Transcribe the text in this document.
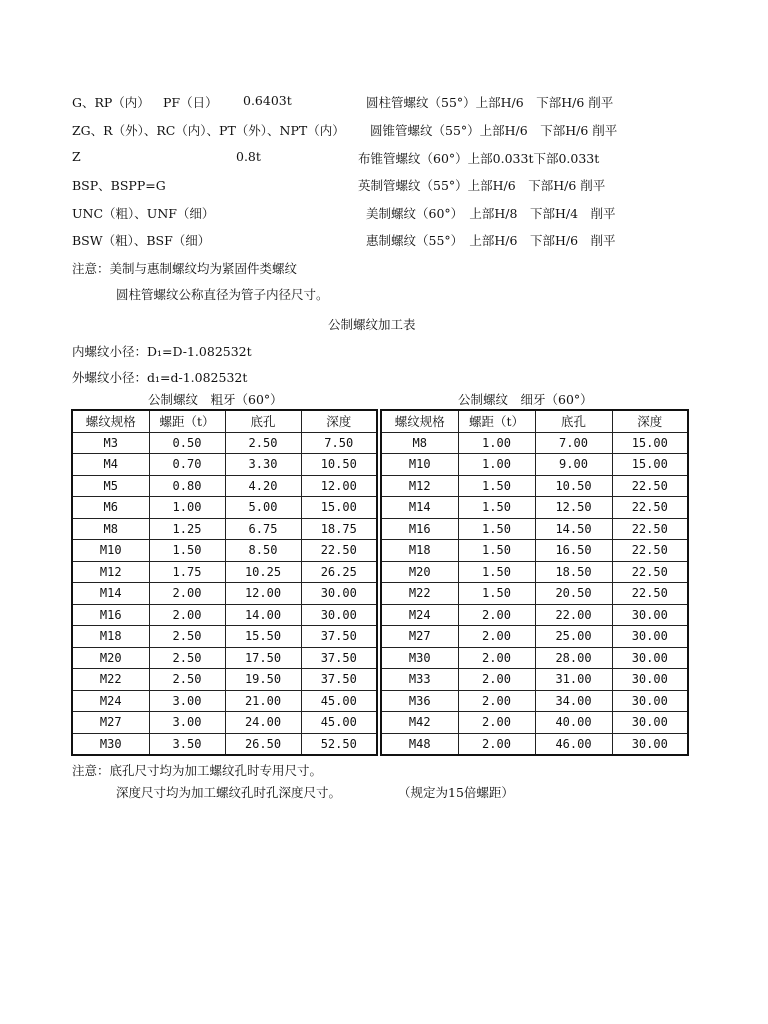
G、RP（内） PF（日） 0.6403t	圆柱管螺纹（55°）上部H/6　下部H/6 削平
ZG、R（外）、RC（内）、PT（外）、NPT（内） 圆锥管螺纹（55°）上部H/6　下部H/6 削平
Z	0.8t	布锥管螺纹（60°）上部0.033t下部0.033t
BSP、BSPP=G	英制管螺纹（55°）上部H/6　下部H/6 削平
UNC（粗）、UNF（细）	美制螺纹（60°）　上部H/8　下部H/4　削平
BSW（粗）、BSF（细）	惠制螺纹（55°）　上部H/6　下部H/6　削平
注意：美制与惠制螺纹均为紧固件类螺纹
圆柱管螺纹公称直径为管子内径尺寸。
公制螺纹加工表
内螺纹小径：D₁=D-1.082532t
外螺纹小径：d₁=d-1.082532t
公制螺纹　粗牙（60°）	公制螺纹　细牙（60°）
螺纹规格	螺距（t）	底孔	深度
M3	0.50	2.50	7.50
M4	0.70	3.30	10.50
M5	0.80	4.20	12.00
M6	1.00	5.00	15.00
M8	1.25	6.75	18.75
M10	1.50	8.50	22.50
M12	1.75	10.25	26.25
M14	2.00	12.00	30.00
M16	2.00	14.00	30.00
M18	2.50	15.50	37.50
M20	2.50	17.50	37.50
M22	2.50	19.50	37.50
M24	3.00	21.00	45.00
M27	3.00	24.00	45.00
M30	3.50	26.50	52.50
螺纹规格	螺距（t）	底孔	深度
M8	1.00	7.00	15.00
M10	1.00	9.00	15.00
M12	1.50	10.50	22.50
M14	1.50	12.50	22.50
M16	1.50	14.50	22.50
M18	1.50	16.50	22.50
M20	1.50	18.50	22.50
M22	1.50	20.50	22.50
M24	2.00	22.00	30.00
M27	2.00	25.00	30.00
M30	2.00	28.00	30.00
M33	2.00	31.00	30.00
M36	2.00	34.00	30.00
M42	2.00	40.00	30.00
M48	2.00	46.00	30.00
注意：底孔尺寸均为加工螺纹孔时专用尺寸。
深度尺寸均为加工螺纹孔时孔深度尺寸。	（规定为15倍螺距）
